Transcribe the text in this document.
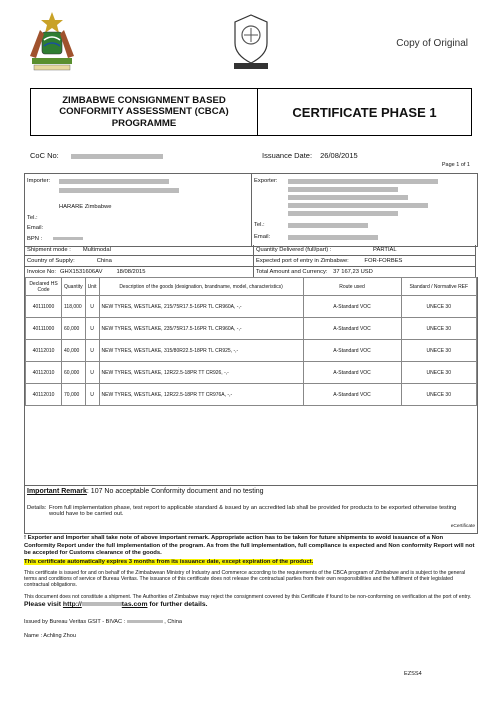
Copy of Original
ZIMBABWE CONSIGNMENT BASED CONFORMITY ASSESSMENT (CBCA) PROGRAMME
CERTIFICATE PHASE 1
CoC No:	Issuance Date: 26/08/2015
Page 1 of 1
Importer:
HARARE Zimbabwe
Tel.:
Email:
BPN :
Exporter:
Tel.:
Email:
Shipment mode : Multimodal	Quantity Delivered (full/part) :	PARTIAL
Country of Supply:	China	Expected port of entry in Zimbabwe:	FOR-FORBES
Invoice No: GHX1531606AV 18/08/2015	Total Amount and Currency: 37 167,23 USD
Declared HS Code	Quantity	Unit	Description of the goods (designation, brandname, model, characteristics)	Route used	Standard / Normative REF
40111000	118,000	U	NEW TYRES, WESTLAKE, 215/75R17.5-16PR TL CR960A, -,-	A-Standard VOC	UNECE 30
40111000	60,000	U	NEW TYRES, WESTLAKE, 235/75R17.5-16PR TL CR960A, -,-	A-Standard VOC	UNECE 30
40112010	40,000	U	NEW TYRES, WESTLAKE, 315/80R22.5-18PR TL CR925, -,-	A-Standard VOC	UNECE 30
40112010	60,000	U	NEW TYRES, WESTLAKE, 12R22.5-18PR TT CR926, -,-	A-Standard VOC	UNECE 30
40112010	70,000	U	NEW TYRES, WESTLAKE, 12R22.5-18PR TT CR976A, -,-	A-Standard VOC	UNECE 30
Important Remark: 107 No acceptable Conformity document and no testing
Details: From full implementation phase, test report to applicable standard & issued by an accredited lab shall be provided for products to be exported otherwise testing would have to be carried out.
eCertificate
! Exporter and Importer shall take note of above important remark. Appropriate action has to be taken for future shipments to avoid issuance of a Non Conformity Report under the full implementation of the program. As from the full implementation, full compliance is expected and Non conformity Report will not be accepted for Customs clearance of the goods.
This certificate automatically expires 3 months from its issuance date, except expiration of the product.
This certificate is issued for and on behalf of the Zimbabwean Ministry of Industry and Commerce according to the requirements of the CBCA program of Zimbabwe and is subject to the general terms and conditions of service of Bureau Veritas. The issuance of this certificate does not release the contractual parties from their own responsibilities and the fulfilment of their legislated contractual obligations.
This document does not constitute a shipment. The Authorities of Zimbabwe may reject the consignment covered by this Certificate if found to be non-conforming on verification at the port of entry.
Please visit http://	tas.com for further details.
Issued by Bureau Veritas GSIT - BIVAC :	, China
Name : Achling Zhou
EZSS4
